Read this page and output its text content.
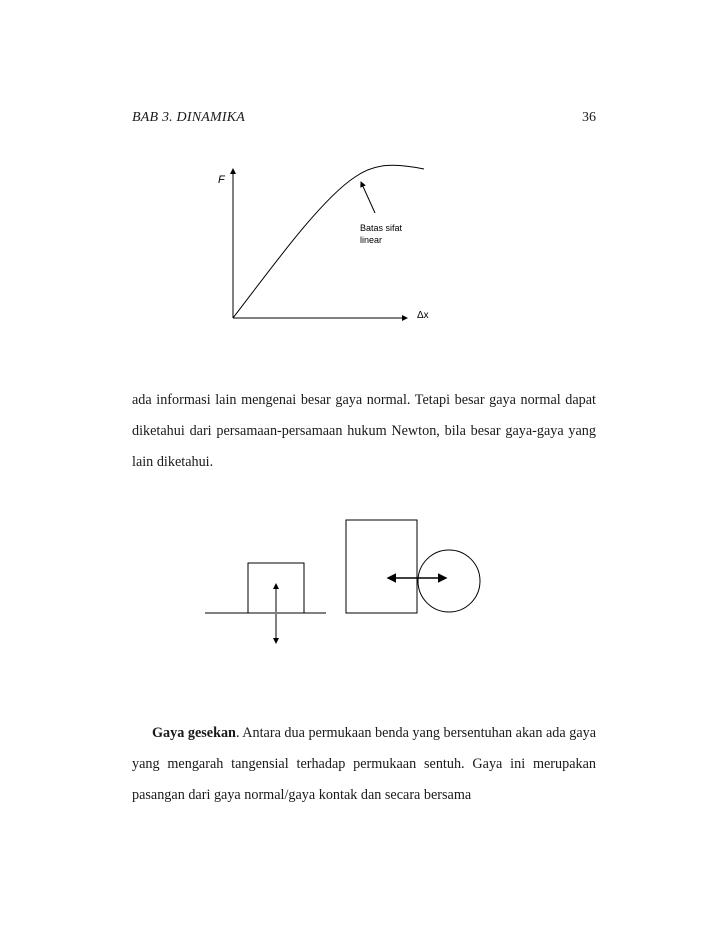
BAB 3. DINAMIKA	36
F
Δx
Batas sifat
linear
ada informasi lain mengenai besar gaya normal. Tetapi besar gaya normal dapat diketahui dari persamaan-persamaan hukum Newton, bila besar gaya-gaya yang lain diketahui.
Gaya gesekan. Antara dua permukaan benda yang bersentuhan akan ada gaya yang mengarah tangensial terhadap permukaan sentuh. Gaya ini merupakan pasangan dari gaya normal/gaya kontak dan secara bersama
